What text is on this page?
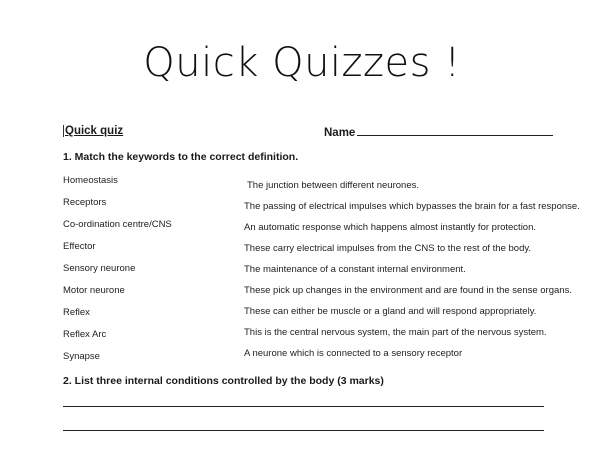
Quick Quizzes !
Quick quiz	Name
1. Match the keywords to the correct definition.
Homeostasis
Receptors
Co-ordination centre/CNS
Effector
Sensory neurone
Motor neurone
Reflex
Reflex Arc
Synapse
The junction between different neurones.
The passing of electrical impulses which bypasses the brain for a fast response.
An automatic response which happens almost instantly for protection.
These carry electrical impulses from the CNS to the rest of the body.
The maintenance of a constant internal environment.
These pick up changes in the environment and are found in the sense organs.
These can either be muscle or a gland and will respond appropriately.
This is the central nervous system, the main part of the nervous system.
A neurone which is connected to a sensory receptor
2. List three internal conditions controlled by the body (3 marks)
